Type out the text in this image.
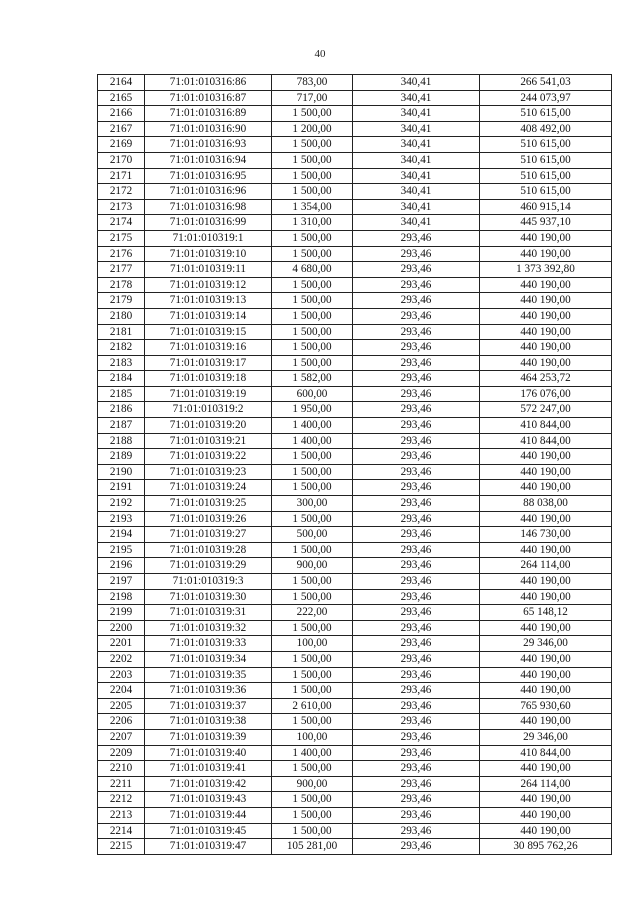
40
2164	71:01:010316:86	783,00	340,41	266 541,03
2165	71:01:010316:87	717,00	340,41	244 073,97
2166	71:01:010316:89	1 500,00	340,41	510 615,00
2167	71:01:010316:90	1 200,00	340,41	408 492,00
2169	71:01:010316:93	1 500,00	340,41	510 615,00
2170	71:01:010316:94	1 500,00	340,41	510 615,00
2171	71:01:010316:95	1 500,00	340,41	510 615,00
2172	71:01:010316:96	1 500,00	340,41	510 615,00
2173	71:01:010316:98	1 354,00	340,41	460 915,14
2174	71:01:010316:99	1 310,00	340,41	445 937,10
2175	71:01:010319:1	1 500,00	293,46	440 190,00
2176	71:01:010319:10	1 500,00	293,46	440 190,00
2177	71:01:010319:11	4 680,00	293,46	1 373 392,80
2178	71:01:010319:12	1 500,00	293,46	440 190,00
2179	71:01:010319:13	1 500,00	293,46	440 190,00
2180	71:01:010319:14	1 500,00	293,46	440 190,00
2181	71:01:010319:15	1 500,00	293,46	440 190,00
2182	71:01:010319:16	1 500,00	293,46	440 190,00
2183	71:01:010319:17	1 500,00	293,46	440 190,00
2184	71:01:010319:18	1 582,00	293,46	464 253,72
2185	71:01:010319:19	600,00	293,46	176 076,00
2186	71:01:010319:2	1 950,00	293,46	572 247,00
2187	71:01:010319:20	1 400,00	293,46	410 844,00
2188	71:01:010319:21	1 400,00	293,46	410 844,00
2189	71:01:010319:22	1 500,00	293,46	440 190,00
2190	71:01:010319:23	1 500,00	293,46	440 190,00
2191	71:01:010319:24	1 500,00	293,46	440 190,00
2192	71:01:010319:25	300,00	293,46	88 038,00
2193	71:01:010319:26	1 500,00	293,46	440 190,00
2194	71:01:010319:27	500,00	293,46	146 730,00
2195	71:01:010319:28	1 500,00	293,46	440 190,00
2196	71:01:010319:29	900,00	293,46	264 114,00
2197	71:01:010319:3	1 500,00	293,46	440 190,00
2198	71:01:010319:30	1 500,00	293,46	440 190,00
2199	71:01:010319:31	222,00	293,46	65 148,12
2200	71:01:010319:32	1 500,00	293,46	440 190,00
2201	71:01:010319:33	100,00	293,46	29 346,00
2202	71:01:010319:34	1 500,00	293,46	440 190,00
2203	71:01:010319:35	1 500,00	293,46	440 190,00
2204	71:01:010319:36	1 500,00	293,46	440 190,00
2205	71:01:010319:37	2 610,00	293,46	765 930,60
2206	71:01:010319:38	1 500,00	293,46	440 190,00
2207	71:01:010319:39	100,00	293,46	29 346,00
2209	71:01:010319:40	1 400,00	293,46	410 844,00
2210	71:01:010319:41	1 500,00	293,46	440 190,00
2211	71:01:010319:42	900,00	293,46	264 114,00
2212	71:01:010319:43	1 500,00	293,46	440 190,00
2213	71:01:010319:44	1 500,00	293,46	440 190,00
2214	71:01:010319:45	1 500,00	293,46	440 190,00
2215	71:01:010319:47	105 281,00	293,46	30 895 762,26
